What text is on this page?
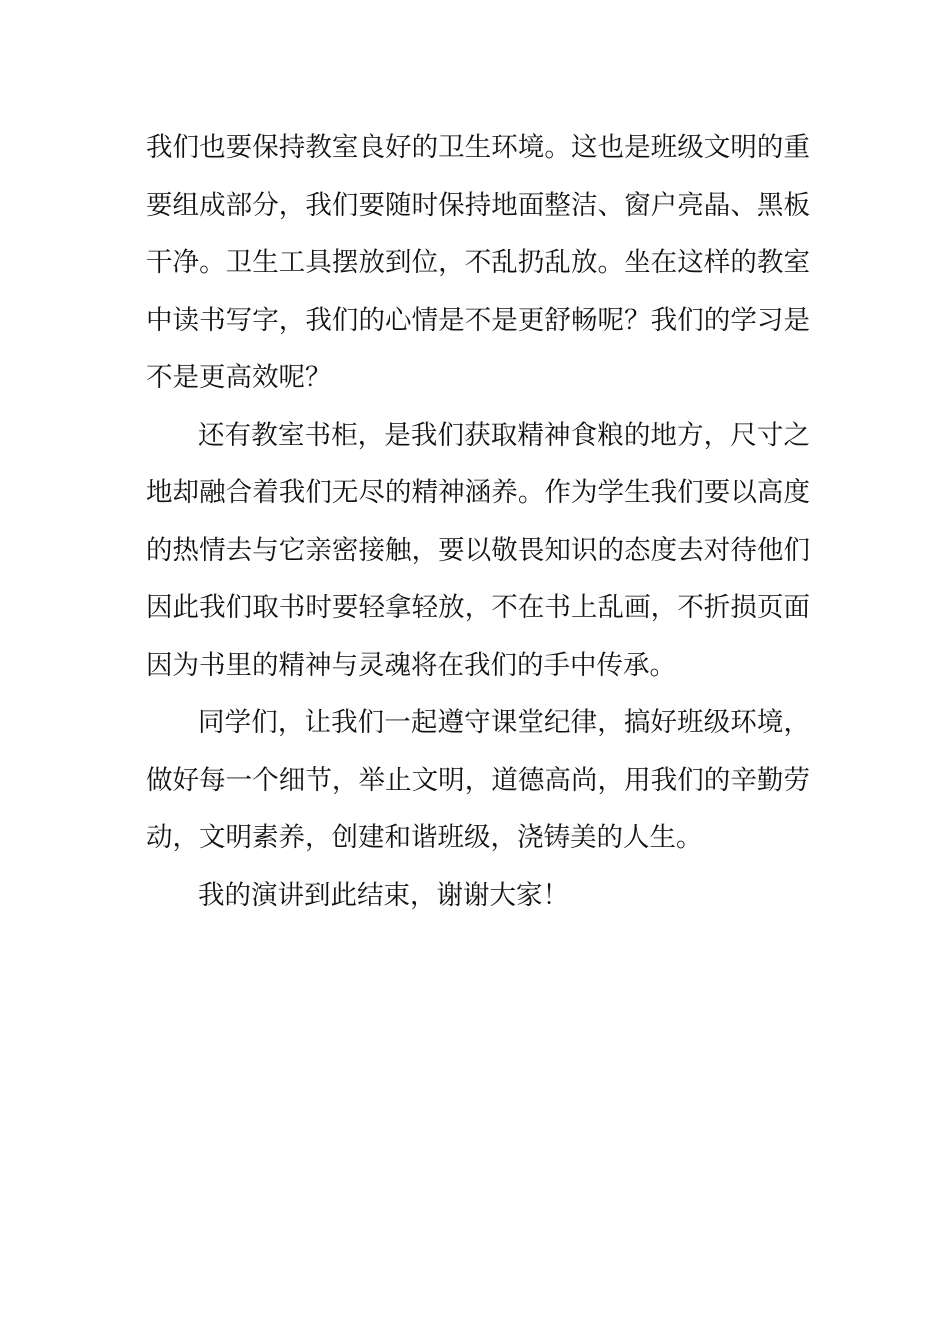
我们也要保持教室良好的卫生环境。这也是班级文明的重
要组成部分，我们要随时保持地面整洁、窗户亮晶、黑板
干净。卫生工具摆放到位，不乱扔乱放。坐在这样的教室
中读书写字，我们的心情是不是更舒畅呢？我们的学习是
不是更高效呢？
还有教室书柜，是我们获取精神食粮的地方，尺寸之
地却融合着我们无尽的精神涵养。作为学生我们要以高度
的热情去与它亲密接触，要以敬畏知识的态度去对待他们
因此我们取书时要轻拿轻放，不在书上乱画，不折损页面
因为书里的精神与灵魂将在我们的手中传承。
同学们，让我们一起遵守课堂纪律，搞好班级环境，
做好每一个细节，举止文明，道德高尚，用我们的辛勤劳
动，文明素养，创建和谐班级，浇铸美的人生。
我的演讲到此结束，谢谢大家！
